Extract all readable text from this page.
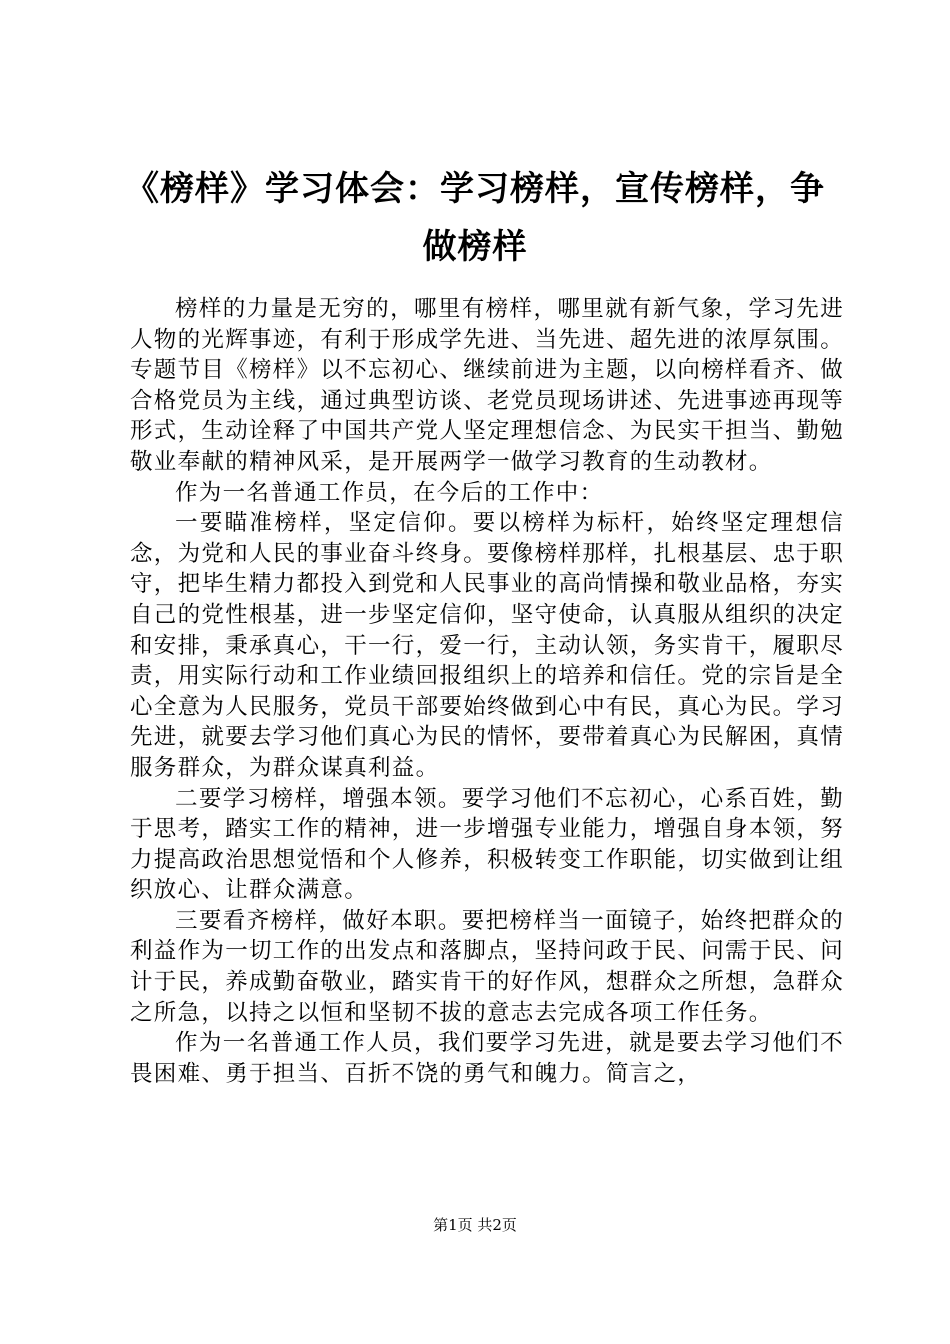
《榜样》学习体会：学习榜样，宣传榜样，争做榜样

榜样的力量是无穷的，哪里有榜样，哪里就有新气象，学习先进人物的光辉事迹，有利于形成学先进、当先进、超先进的浓厚氛围。专题节目《榜样》以不忘初心、继续前进为主题，以向榜样看齐、做合格党员为主线，通过典型访谈、老党员现场讲述、先进事迹再现等形式，生动诠释了中国共产党人坚定理想信念、为民实干担当、勤勉敬业奉献的精神风采，是开展两学一做学习教育的生动教材。

作为一名普通工作员，在今后的工作中：

一要瞄准榜样，坚定信仰。要以榜样为标杆，始终坚定理想信念，为党和人民的事业奋斗终身。要像榜样那样，扎根基层、忠于职守，把毕生精力都投入到党和人民事业的高尚情操和敬业品格，夯实自己的党性根基，进一步坚定信仰，坚守使命，认真服从组织的决定和安排，秉承真心，干一行，爱一行，主动认领，务实肯干，履职尽责，用实际行动和工作业绩回报组织上的培养和信任。党的宗旨是全心全意为人民服务，党员干部要始终做到心中有民，真心为民。学习先进，就要去学习他们真心为民的情怀，要带着真心为民解困，真情服务群众，为群众谋真利益。

二要学习榜样，增强本领。要学习他们不忘初心，心系百姓，勤于思考，踏实工作的精神，进一步增强专业能力，增强自身本领，努力提高政治思想觉悟和个人修养，积极转变工作职能，切实做到让组织放心、让群众满意。

三要看齐榜样，做好本职。要把榜样当一面镜子，始终把群众的利益作为一切工作的出发点和落脚点，坚持问政于民、问需于民、问计于民，养成勤奋敬业，踏实肯干的好作风，想群众之所想，急群众之所急，以持之以恒和坚韧不拔的意志去完成各项工作任务。

作为一名普通工作人员，我们要学习先进，就是要去学习他们不畏困难、勇于担当、百折不饶的勇气和魄力。简言之，

第1页 共2页
